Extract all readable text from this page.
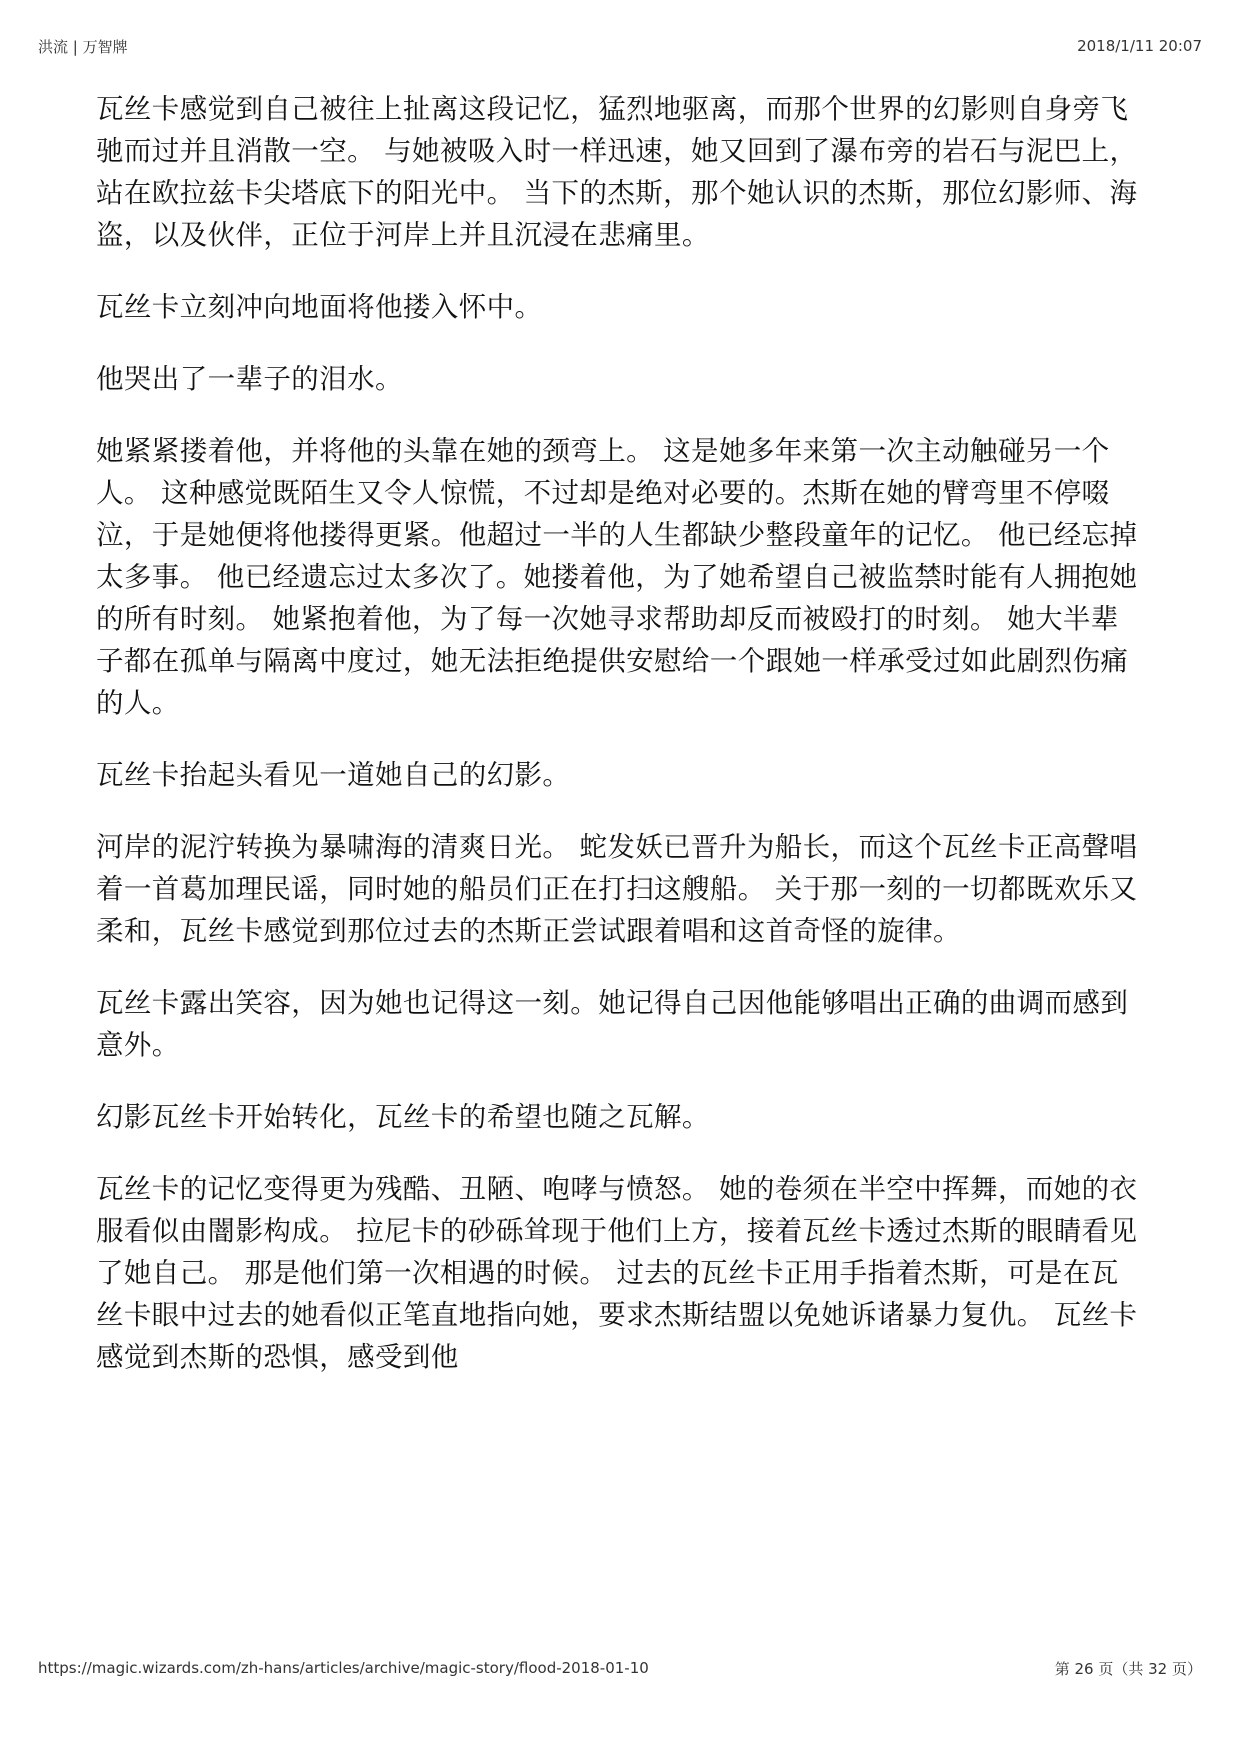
洪流 | 万智牌	2018/1/11 20:07

瓦丝卡感觉到自己被往上扯离这段记忆，猛烈地驱离，而那个世界的幻影则自身旁飞驰而过并且消散一空。 与她被吸入时一样迅速，她又回到了瀑布旁的岩石与泥巴上，站在欧拉兹卡尖塔底下的阳光中。 当下的杰斯，那个她认识的杰斯，那位幻影师、海盗，以及伙伴，正位于河岸上并且沉浸在悲痛里。

瓦丝卡立刻冲向地面将他搂入怀中。

他哭出了一辈子的泪水。

她紧紧搂着他，并将他的头靠在她的颈弯上。 这是她多年来第一次主动触碰另一个人。 这种感觉既陌生又令人惊慌，不过却是绝对必要的。杰斯在她的臂弯里不停啜泣，于是她便将他搂得更紧。他超过一半的人生都缺少整段童年的记忆。 他已经忘掉太多事。 他已经遗忘过太多次了。她搂着他，为了她希望自己被监禁时能有人拥抱她的所有时刻。 她紧抱着他，为了每一次她寻求帮助却反而被殴打的时刻。 她大半辈子都在孤单与隔离中度过，她无法拒绝提供安慰给一个跟她一样承受过如此剧烈伤痛的人。

瓦丝卡抬起头看见一道她自己的幻影。

河岸的泥泞转换为暴啸海的清爽日光。 蛇发妖已晋升为船长，而这个瓦丝卡正高聲唱着一首葛加理民谣，同时她的船员们正在打扫这艘船。 关于那一刻的一切都既欢乐又柔和，瓦丝卡感觉到那位过去的杰斯正尝试跟着唱和这首奇怪的旋律。

瓦丝卡露出笑容，因为她也记得这一刻。她记得自己因他能够唱出正确的曲调而感到意外。

幻影瓦丝卡开始转化，瓦丝卡的希望也随之瓦解。

瓦丝卡的记忆变得更为残酷、丑陋、咆哮与愤怒。 她的卷须在半空中挥舞，而她的衣服看似由闇影构成。 拉尼卡的砂砾耸现于他们上方，接着瓦丝卡透过杰斯的眼睛看见了她自己。 那是他们第一次相遇的时候。 过去的瓦丝卡正用手指着杰斯，可是在瓦丝卡眼中过去的她看似正笔直地指向她，要求杰斯结盟以免她诉诸暴力复仇。 瓦丝卡感觉到杰斯的恐惧，感受到他

https://magic.wizards.com/zh-hans/articles/archive/magic-story/flood-2018-01-10	第 26 页（共 32 页）
